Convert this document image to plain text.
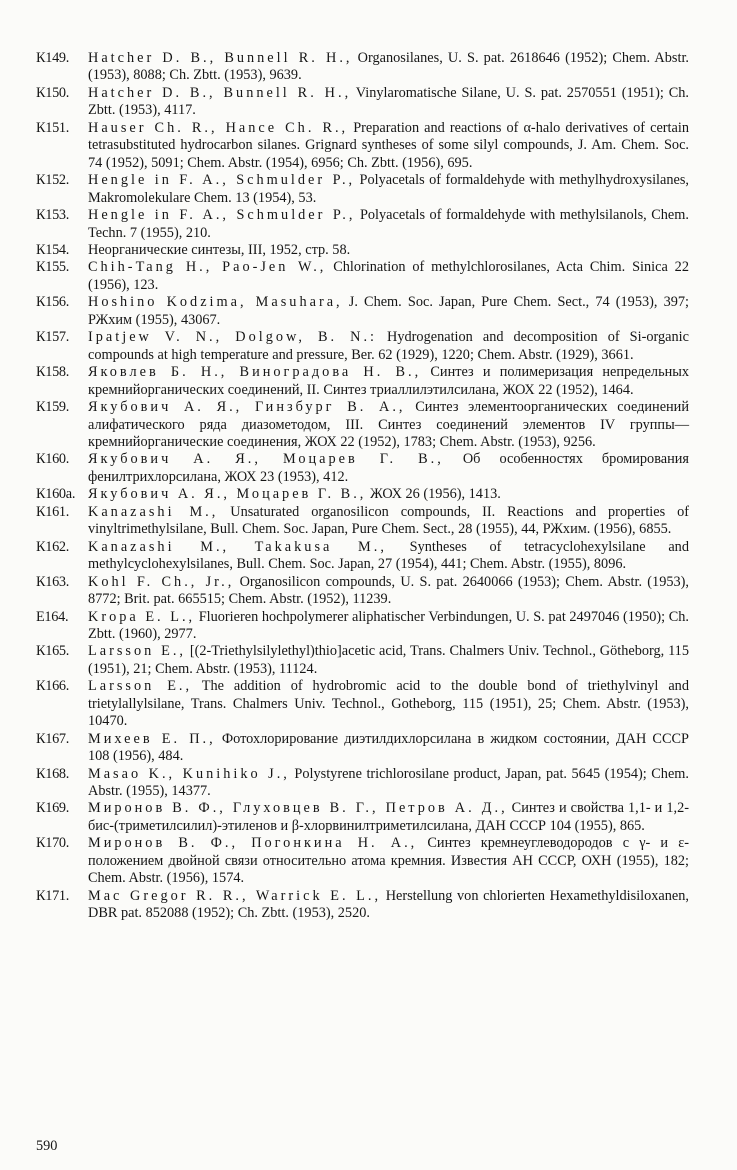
К149.	Hatcher D. B., Bunnell R. H., Organosilanes, U. S. pat. 2618646 (1952); Chem. Abstr. (1953), 8088; Ch. Zbtt. (1953), 9639.
К150.	Hatcher D. B., Bunnell R. H., Vinylaromatische Silane, U. S. pat. 2570551 (1951); Ch. Zbtt. (1953), 4117.
К151.	Hauser Ch. R., Hance Ch. R., Preparation and reactions of α-halo derivatives of certain tetrasubstituted hydrocarbon silanes. Grignard syntheses of some silyl compounds, J. Am. Chem. Soc. 74 (1952), 5091; Chem. Abstr. (1954), 6956; Ch. Zbtt. (1956), 695.
К152.	Hengle in F. A., Schmulder P., Polyacetals of formaldehyde with methylhydroxysilanes, Makromolekulare Chem. 13 (1954), 53.
К153.	Hengle in F. A., Schmulder P., Polyacetals of formaldehyde with methylsilanols, Chem. Techn. 7 (1955), 210.
К154.	Неорганические синтезы, III, 1952, стр. 58.
К155.	Chih-Tang H., Pao-Jen W., Chlorination of methylchlorosilanes, Acta Chim. Sinica 22 (1956), 123.
К156.	Hoshino Kodzima, Masuhara, J. Chem. Soc. Japan, Pure Chem. Sect., 74 (1953), 397; РЖхим (1955), 43067.
К157.	Ipatjew V. N., Dolgow, B. N.: Hydrogenation and decomposition of Si-organic compounds at high temperature and pressure, Ber. 62 (1929), 1220; Chem. Abstr. (1929), 3661.
К158.	Яковлев Б. Н., Виноградова Н. В., Синтез и полимеризация непредельных кремнийорганических соединений, II. Синтез триаллилэтилсилана, ЖОХ 22 (1952), 1464.
К159.	Якубович А. Я., Гинзбург В. А., Синтез элементоорганических соединений алифатического ряда диазометодом, III. Синтез соединений элементов IV группы—кремнийорганические соединения, ЖОХ 22 (1952), 1783; Chem. Abstr. (1953), 9256.
К160.	Якубович А. Я., Моцарев Г. В., Об особенностях бромирования фенилтрихлорсилана, ЖОХ 23 (1953), 412.
К160а. Якубович А. Я., Моцарев Г. В., ЖОХ 26 (1956), 1413.
К161.	Kanazashi M., Unsaturated organosilicon compounds, II. Reactions and properties of vinyltrimethylsilane, Bull. Chem. Soc. Japan, Pure Chem. Sect., 28 (1955), 44, РЖхим. (1956), 6855.
К162.	Kanazashi M., Takakusa M., Syntheses of tetracyclohexylsilane and methylcyclohexylsilanes, Bull. Chem. Soc. Japan, 27 (1954), 441; Chem. Abstr. (1955), 8096.
К163.	Kohl F. Ch., Jr., Organosilicon compounds, U. S. pat. 2640066 (1953); Chem. Abstr. (1953), 8772; Brit. pat. 665515; Chem. Abstr. (1952), 11239.
E164.	Kropa E. L., Fluorieren hochpolymerer aliphatischer Verbindungen, U. S. pat 2497046 (1950); Ch. Zbtt. (1960), 2977.
К165.	Larsson E., [(2-Triethylsilylethyl)thio]acetic acid, Trans. Chalmers Univ. Technol., Götheborg, 115 (1951), 21; Chem. Abstr. (1953), 11124.
К166.	Larsson E., The addition of hydrobromic acid to the double bond of triethylvinyl and trietylallylsilane, Trans. Chalmers Univ. Technol., Gotheborg, 115 (1951), 25; Chem. Abstr. (1953), 10470.
К167.	Михеев Е. П., Фотохлорирование диэтилдихлорсилана в жидком состоянии, ДАН СССР 108 (1956), 484.
К168.	Masao K., Kunihiko J., Polystyrene trichlorosilane product, Japan, pat. 5645 (1954); Chem. Abstr. (1955), 14377.
К169.	Миронов В. Ф., Глуховцев В. Г., Петров А. Д., Синтез и свойства 1,1- и 1,2-бис-(триметилсилил)-этиленов и β-хлорвинилтриметилсилана, ДАН СССР 104 (1955), 865.
К170.	Миронов В. Ф., Погонкина Н. А., Синтез кремнеуглеводородов с γ- и ε-положением двойной связи относительно атома кремния. Известия АН СССР, ОХН (1955), 182; Chem. Abstr. (1956), 1574.
К171.	Mac Gregor R. R., Warrick E. L., Herstellung von chlorierten Hexamethyldisiloxanen, DBR pat. 852088 (1952); Ch. Zbtt. (1953), 2520.
590
